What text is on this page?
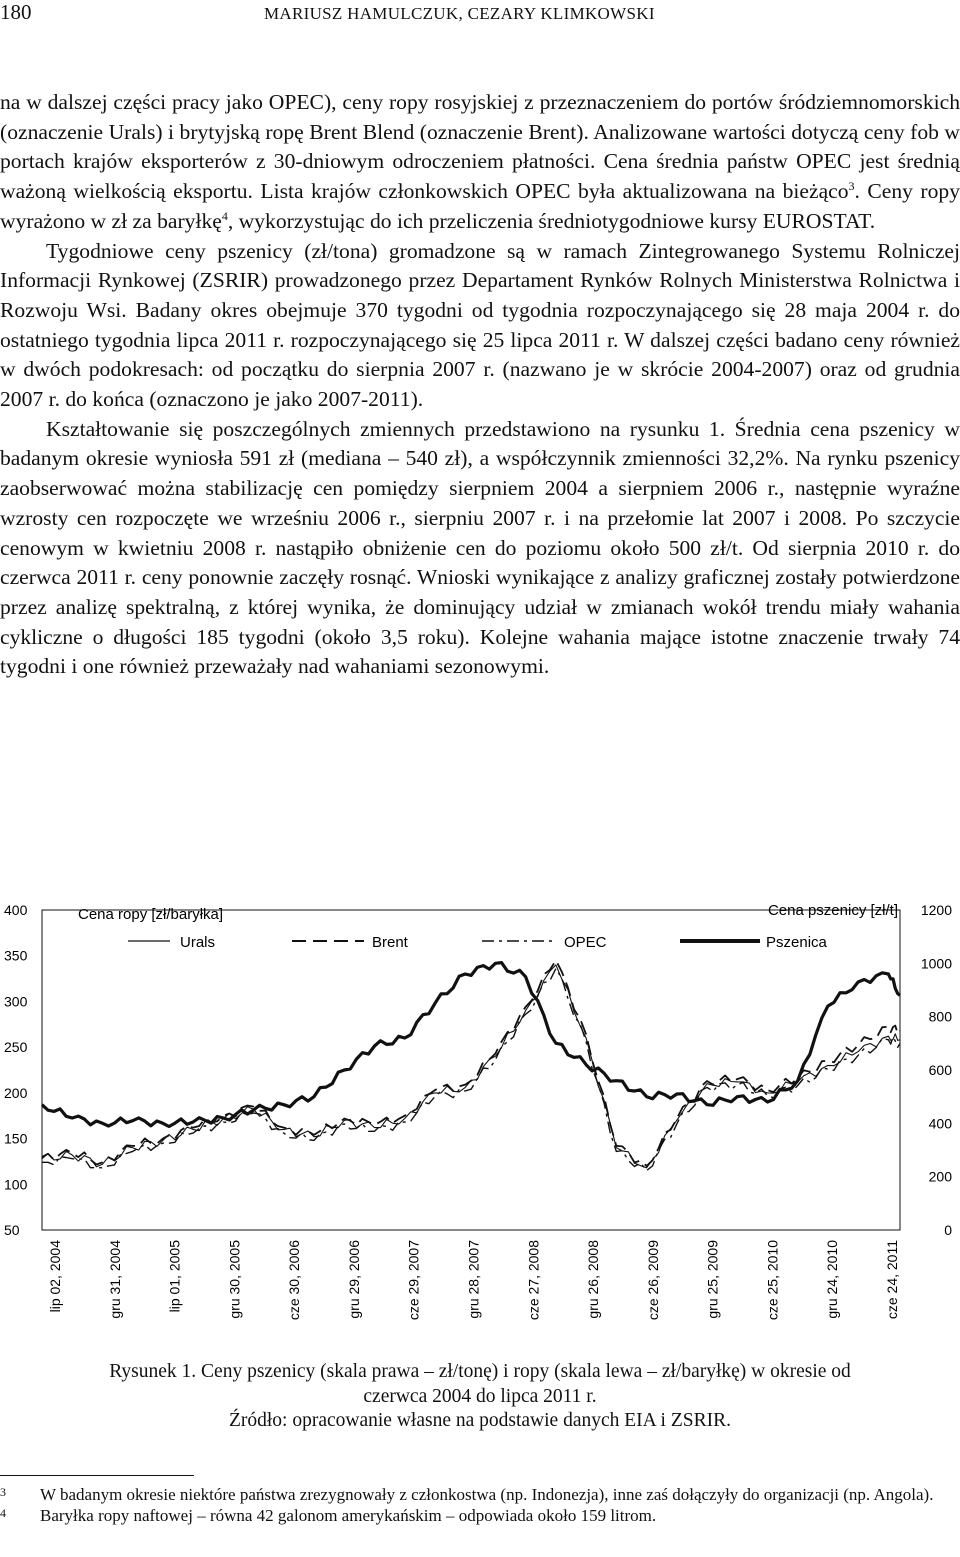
180	MARIUSZ HAMULCZUK, CEZARY KLIMKOWSKI

na w dalszej części pracy jako OPEC), ceny ropy rosyjskiej z przeznaczeniem do portów śródziemnomorskich (oznaczenie Urals) i brytyjską ropę Brent Blend (oznaczenie Brent). Analizowane wartości dotyczą ceny fob w portach krajów eksporterów z 30-dniowym odroczeniem płatności. Cena średnia państw OPEC jest średnią ważoną wielkością eksportu. Lista krajów członkowskich OPEC była aktualizowana na bieżąco$^3$. Ceny ropy wyrażono w zł za baryłkę$^4$, wykorzystując do ich przeliczenia średniotygodniowe kursy EUROSTAT.

Tygodniowe ceny pszenicy (zł/tona) gromadzone są w ramach Zintegrowanego Systemu Rolniczej Informacji Rynkowej (ZSRIR) prowadzonego przez Departament Rynków Rolnych Ministerstwa Rolnictwa i Rozwoju Wsi. Badany okres obejmuje 370 tygodni od tygodnia rozpoczynającego się 28 maja 2004 r. do ostatniego tygodnia lipca 2011 r. rozpoczynającego się 25 lipca 2011 r. W dalszej części badano ceny również w dwóch podokresach: od początku do sierpnia 2007 r. (nazwano je w skrócie 2004-2007) oraz od grudnia 2007 r. do końca (oznaczono je jako 2007-2011).

Kształtowanie się poszczególnych zmiennych przedstawiono na rysunku 1. Średnia cena pszenicy w badanym okresie wyniosła 591 zł (mediana – 540 zł), a współczynnik zmienności 32,2%. Na rynku pszenicy zaobserwować można stabilizację cen pomiędzy sierpniem 2004 a sierpniem 2006 r., następnie wyraźne wzrosty cen rozpoczęte we wrześniu 2006 r., sierpniu 2007 r. i na przełomie lat 2007 i 2008. Po szczycie cenowym w kwietniu 2008 r. nastąpiło obniżenie cen do poziomu około 500 zł/t. Od sierpnia 2010 r. do czerwca 2011 r. ceny ponownie zaczęły rosnąć. Wnioski wynikające z analizy graficznej zostały potwierdzone przez analizę spektralną, z której wynika, że dominujący udział w zmianach wokół trendu miały wahania cykliczne o długości 185 tygodni (około 3,5 roku). Kolejne wahania mające istotne znaczenie trwały 74 tygodni i one również przeważały nad wahaniami sezonowymi.

400
350
300
250
200
150
100
50
1200
1000
800
600
400
200
0
lip 02, 2004	gru 31, 2004	lip 01, 2005	gru 30, 2005	cze 30, 2006	gru 29, 2006	cze 29, 2007	gru 28, 2007	cze 27, 2008	gru 26, 2008	cze 26, 2009	gru 25, 2009	cze 25, 2010	gru 24, 2010	cze 24, 2011
Cena ropy [zł/baryłka]	Cena pszenicy [zł/t]
Urals	Brent	OPEC	Pszenica
Rysunek 1. Ceny pszenicy (skala prawa – zł/tonę) i ropy (skala lewa – zł/baryłkę) w okresie od
czerwca 2004 do lipca 2011 r.
Źródło: opracowanie własne na podstawie danych EIA i ZSRIR.
3 W badanym okresie niektóre państwa zrezygnowały z członkostwa (np. Indonezja), inne zaś dołączyły do organizacji (np. Angola).
4 Baryłka ropy naftowej – równa 42 galonom amerykańskim – odpowiada około 159 litrom.
